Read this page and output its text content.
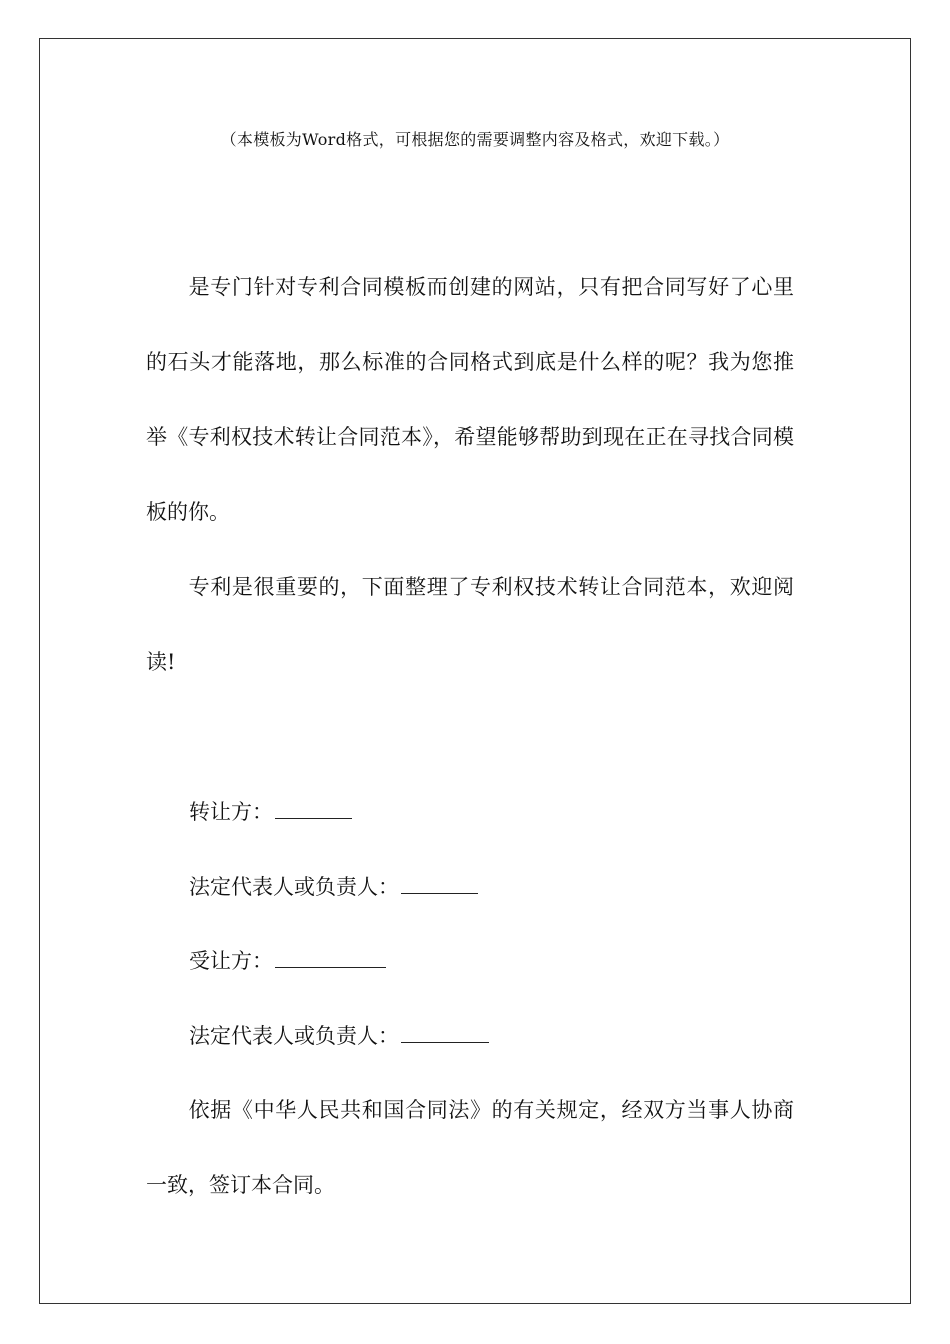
（本模板为Word格式，可根据您的需要调整内容及格式，欢迎下载。）

是专门针对专利合同模板而创建的网站，只有把合同写好了心里的石头才能落地，那么标准的合同格式到底是什么样的呢？我为您推举《专利权技术转让合同范本》，希望能够帮助到现在正在寻找合同模板的你。

专利是很重要的，下面整理了专利权技术转让合同范本，欢迎阅读!

转让方：
法定代表人或负责人：
受让方：
法定代表人或负责人：

依据《中华人民共和国合同法》的有关规定，经双方当事人协商一致，签订本合同。
